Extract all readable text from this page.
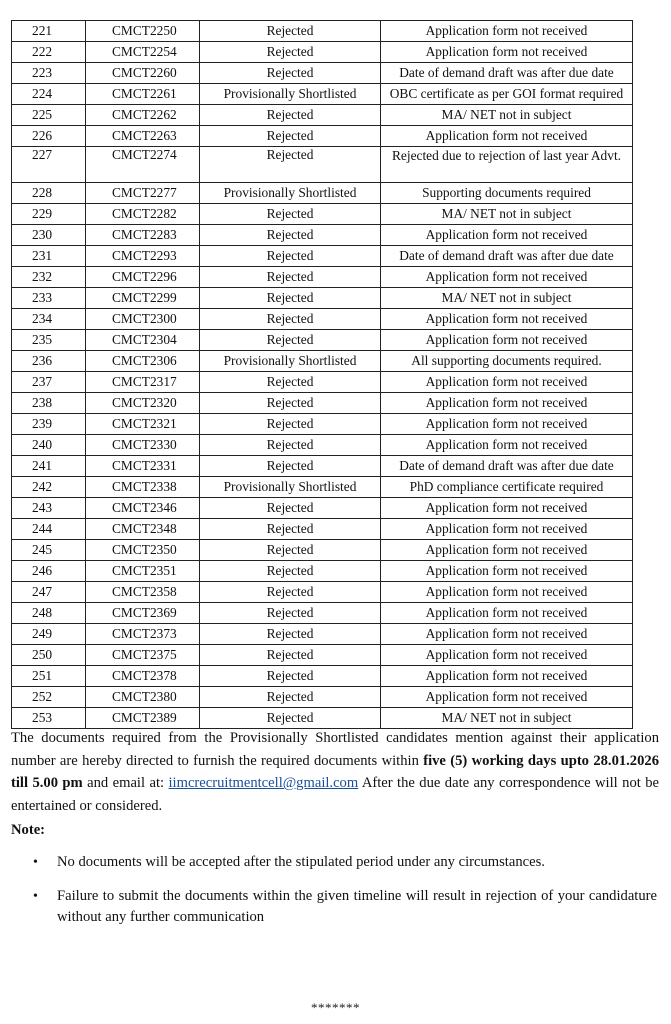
221	CMCT2250	Rejected	Application form not received
222	CMCT2254	Rejected	Application form not received
223	CMCT2260	Rejected	Date of demand draft was after due date
224	CMCT2261	Provisionally Shortlisted	OBC certificate as per GOI format required
225	CMCT2262	Rejected	MA/ NET not in subject
226	CMCT2263	Rejected	Application form not received
227	CMCT2274	Rejected	Rejected due to rejection of last year Advt.
228	CMCT2277	Provisionally Shortlisted	Supporting documents required
229	CMCT2282	Rejected	MA/ NET not in subject
230	CMCT2283	Rejected	Application form not received
231	CMCT2293	Rejected	Date of demand draft was after due date
232	CMCT2296	Rejected	Application form not received
233	CMCT2299	Rejected	MA/ NET not in subject
234	CMCT2300	Rejected	Application form not received
235	CMCT2304	Rejected	Application form not received
236	CMCT2306	Provisionally Shortlisted	All supporting documents required.
237	CMCT2317	Rejected	Application form not received
238	CMCT2320	Rejected	Application form not received
239	CMCT2321	Rejected	Application form not received
240	CMCT2330	Rejected	Application form not received
241	CMCT2331	Rejected	Date of demand draft was after due date
242	CMCT2338	Provisionally Shortlisted	PhD compliance certificate required
243	CMCT2346	Rejected	Application form not received
244	CMCT2348	Rejected	Application form not received
245	CMCT2350	Rejected	Application form not received
246	CMCT2351	Rejected	Application form not received
247	CMCT2358	Rejected	Application form not received
248	CMCT2369	Rejected	Application form not received
249	CMCT2373	Rejected	Application form not received
250	CMCT2375	Rejected	Application form not received
251	CMCT2378	Rejected	Application form not received
252	CMCT2380	Rejected	Application form not received
253	CMCT2389	Rejected	MA/ NET not in subject
The documents required from the Provisionally Shortlisted candidates mention against their application number are hereby directed to furnish the required documents within five (5) working days upto 28.01.2026 till 5.00 pm and email at: iimcrecruitmentcell@gmail.com After the due date any correspondence will not be entertained or considered.
Note:
• No documents will be accepted after the stipulated period under any circumstances.
• Failure to submit the documents within the given timeline will result in rejection of your candidature without any further communication
*******
